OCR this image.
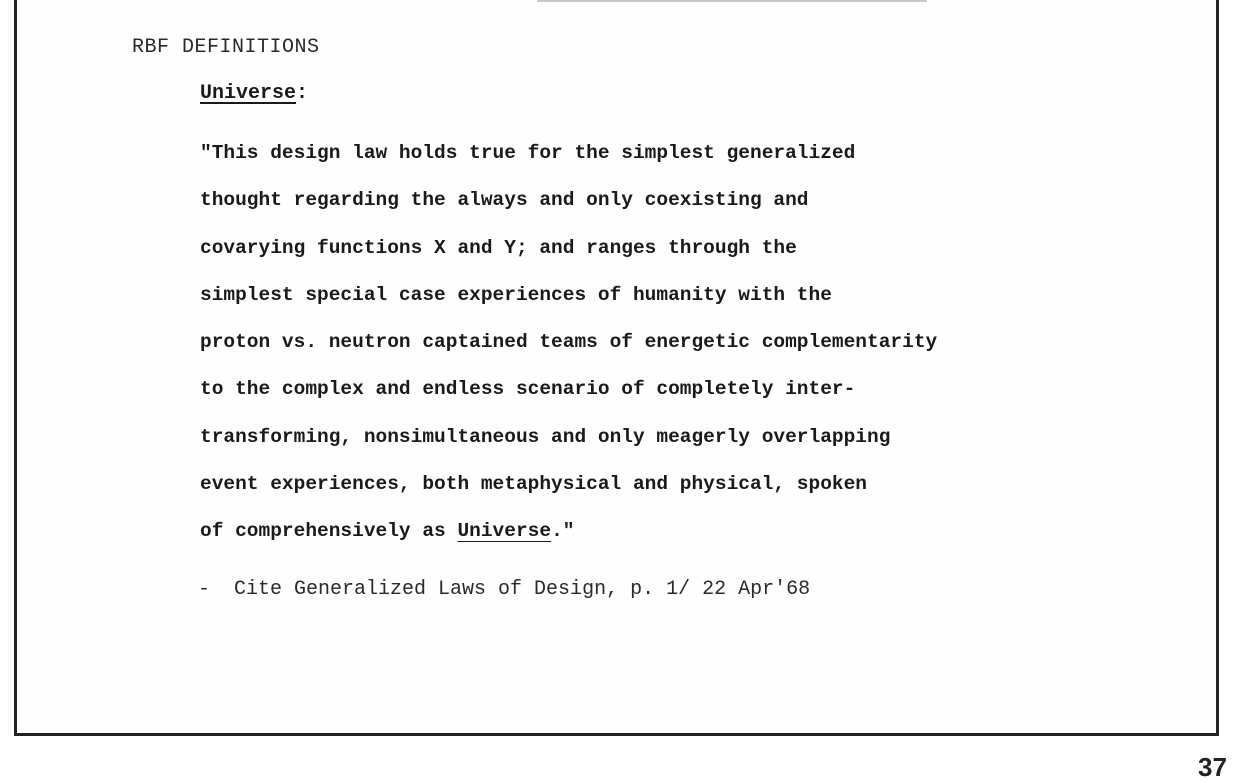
RBF DEFINITIONS

Universe:

"This design law holds true for the simplest generalized
thought regarding the always and only coexisting and
covarying functions X and Y; and ranges through the
simplest special case experiences of humanity with the
proton vs. neutron captained teams of energetic complementarity
to the complex and endless scenario of completely inter-
transforming, nonsimultaneous and only meagerly overlapping
event experiences, both metaphysical and physical, spoken
of comprehensively as Universe."

-  Cite Generalized Laws of Design, p. 1/ 22 Apr'68

37
